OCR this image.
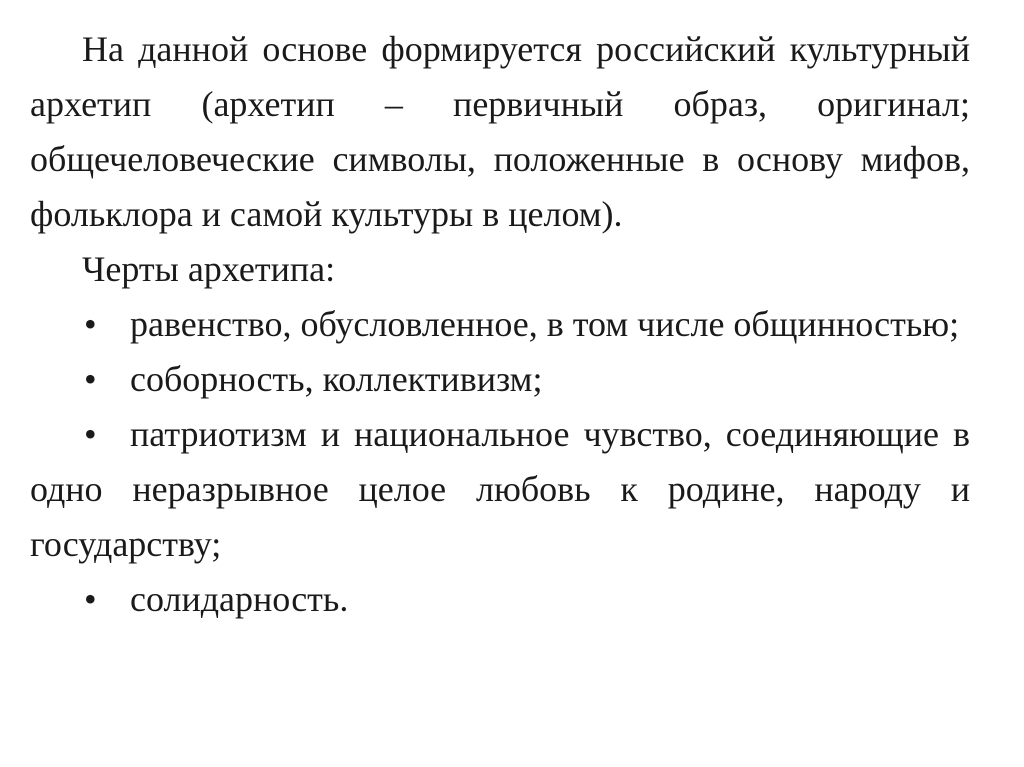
На данной основе формируется российский культурный архетип (архетип – первичный образ, оригинал; общечеловеческие символы, положенные в основу мифов, фольклора и самой культуры в целом).

Черты архетипа:

• равенство, обусловленное, в том числе общинностью;

• соборность, коллективизм;

• патриотизм и национальное чувство, соединяющие в одно неразрывное целое любовь к родине, народу и государству;

• солидарность.
